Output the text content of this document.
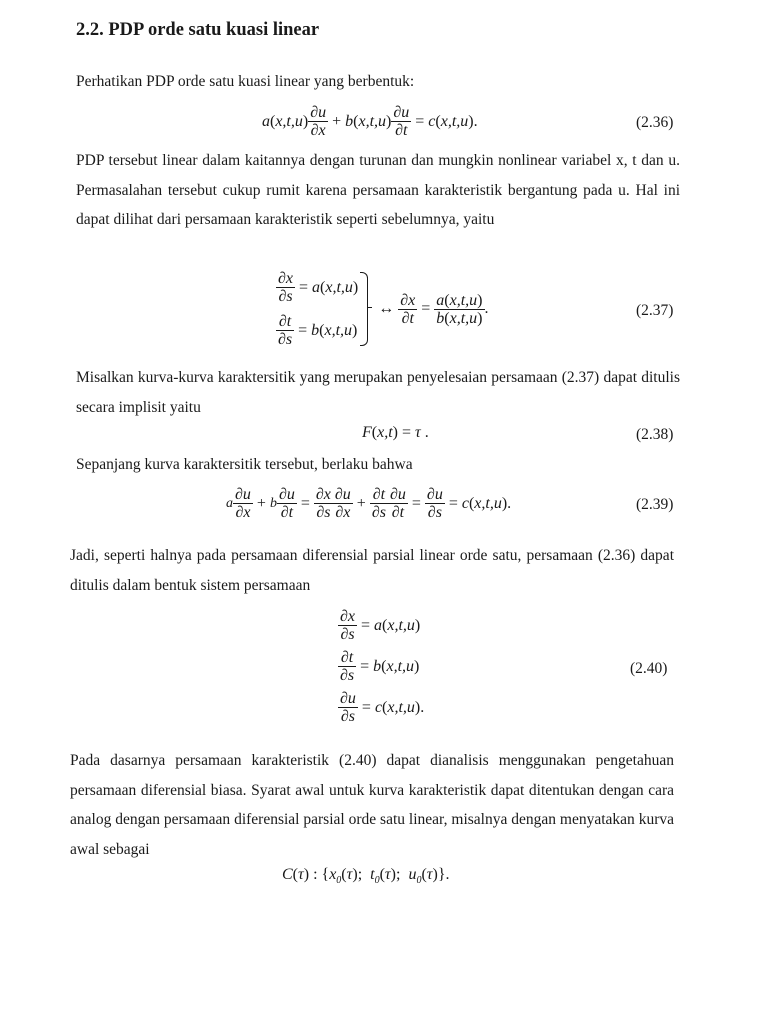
2.2. PDP orde satu kuasi linear
Perhatikan PDP orde satu kuasi linear yang berbentuk:
$a(x,t,u) \frac{\partial u}{\partial x} + b(x,t,u) \frac{\partial u}{\partial t} = c(x,t,u)$.	(2.36)
PDP tersebut linear dalam kaitannya dengan turunan dan mungkin nonlinear variabel x, t dan u. Permasalahan tersebut cukup rumit karena persamaan karakteristik bergantung pada u. Hal ini dapat dilihat dari persamaan karakteristik seperti sebelumnya, yaitu
$\frac{\partial x}{\partial s} = a(x,t,u)$
$\frac{\partial t}{\partial s} = b(x,t,u)$
↔ $\frac{\partial x}{\partial t} = \frac{a(x,t,u)}{b(x,t,u)}$ .	(2.37)
Misalkan kurva-kurva karaktersitik yang merupakan penyelesaian persamaan (2.37) dapat ditulis secara implisit yaitu
F(x,t) = τ .	(2.38)
Sepanjang kurva karaktersitik tersebut, berlaku bahwa
a $\frac{\partial u}{\partial x} + b \frac{\partial u}{\partial t} = \frac{\partial x}{\partial s} \frac{\partial u}{\partial x} + \frac{\partial t}{\partial s} \frac{\partial u}{\partial t} = \frac{\partial u}{\partial s} = c(x,t,u)$.	(2.39)
Jadi, seperti halnya pada persamaan diferensial parsial linear orde satu, persamaan (2.36) dapat ditulis dalam bentuk sistem persamaan
$\frac{\partial x}{\partial s} = a(x,t,u)$
$\frac{\partial t}{\partial s} = b(x,t,u)$
$\frac{\partial u}{\partial s} = c(x,t,u)$.
(2.40)
Pada dasarnya persamaan karakteristik (2.40) dapat dianalisis menggunakan pengetahuan persamaan diferensial biasa. Syarat awal untuk kurva karakteristik dapat ditentukan dengan cara analog dengan persamaan diferensial parsial orde satu linear, misalnya dengan menyatakan kurva awal sebagai
C(τ) : {$x_0(\tau)$;  $t_0(\tau)$;  $u_0(\tau)$}.
